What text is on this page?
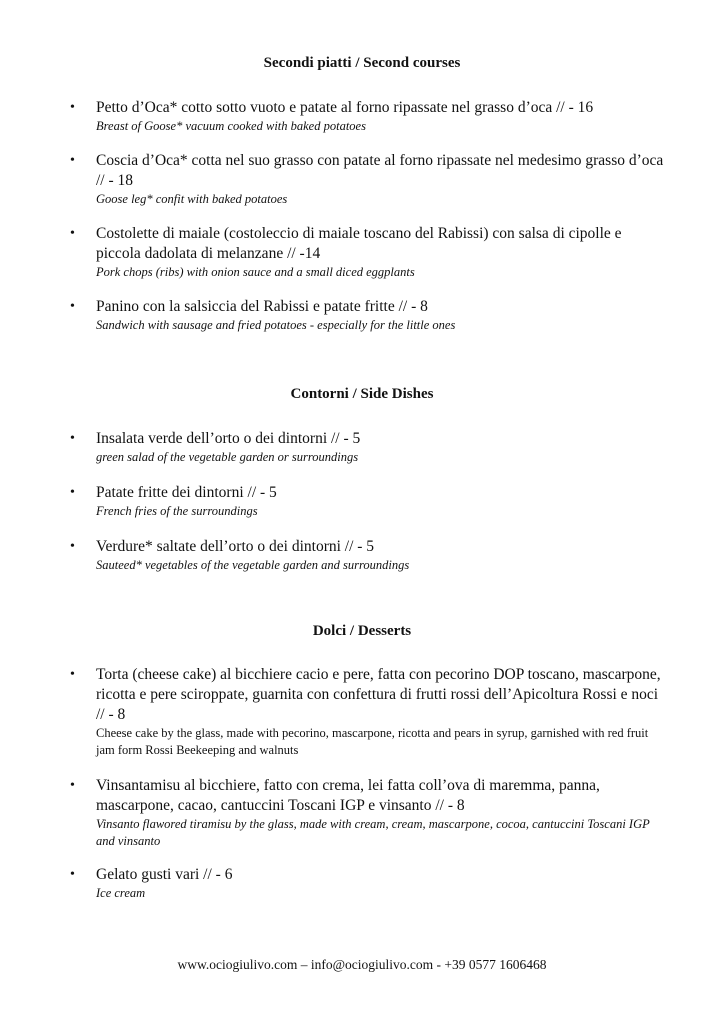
Secondi piatti / Second courses
• Petto d’Oca* cotto sotto vuoto e patate al forno ripassate nel grasso d’oca // - 16
Breast of Goose* vacuum cooked with baked potatoes
• Coscia d’Oca* cotta nel suo grasso con patate al forno ripassate nel medesimo grasso d’oca // - 18
Goose leg* confit with baked potatoes
• Costolette di maiale (costoleccio di maiale toscano del Rabissi) con salsa di cipolle e piccola dadolata di melanzane // -14
Pork chops (ribs) with onion sauce and a small diced eggplants
• Panino con la salsiccia del Rabissi e patate fritte // - 8
Sandwich with sausage and fried potatoes - especially for the little ones
Contorni / Side Dishes
• Insalata verde dell’orto o dei dintorni // - 5
green salad of the vegetable garden or surroundings
• Patate fritte dei dintorni // - 5
French fries of the surroundings
• Verdure* saltate dell’orto o dei dintorni // - 5
Sauteed* vegetables of the vegetable garden and surroundings
Dolci / Desserts
• Torta (cheese cake) al bicchiere cacio e pere, fatta con pecorino DOP toscano, mascarpone, ricotta e pere sciroppate, guarnita con confettura di frutti rossi dell’Apicoltura Rossi e noci // - 8
Cheese cake by the glass, made with pecorino, mascarpone, ricotta and pears in syrup, garnished with red fruit jam form Rossi Beekeeping and walnuts
• Vinsantamisu al bicchiere, fatto con crema, lei fatta coll’ova di maremma, panna, mascarpone, cacao, cantuccini Toscani IGP e vinsanto // - 8
Vinsanto flawored tiramisu by the glass, made with cream, cream, mascarpone, cocoa, cantuccini Toscani IGP and vinsanto
• Gelato gusti vari // - 6
Ice cream
www.ociogiulivo.com – info@ociogiulivo.com - +39 0577 1606468
